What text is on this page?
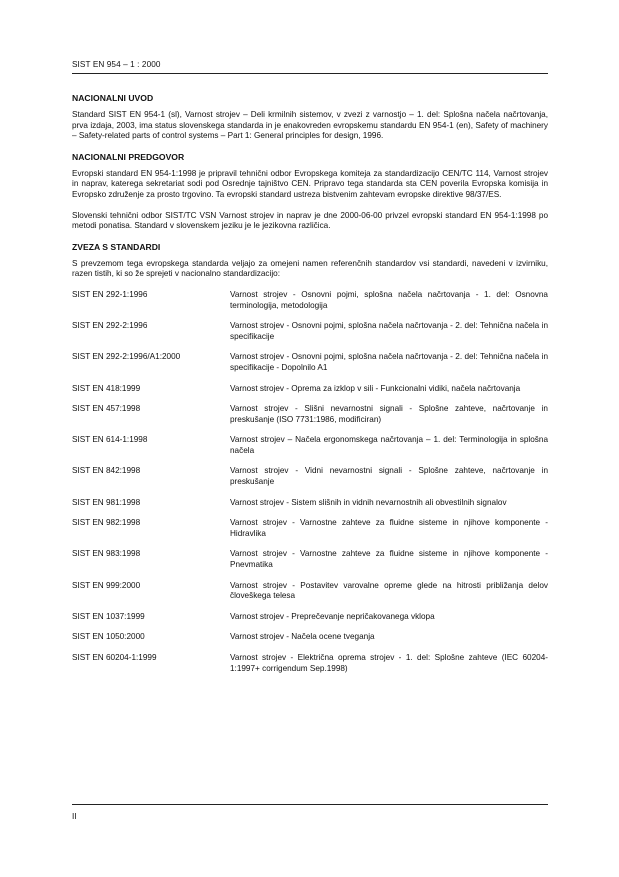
SIST EN 954 – 1 : 2000
NACIONALNI UVOD

Standard SIST EN 954-1 (sl), Varnost strojev – Deli krmilnih sistemov, v zvezi z varnostjo – 1. del: Splošna načela načrtovanja, prva izdaja, 2003, ima status slovenskega standarda in je enakovreden evropskemu standardu EN 954-1 (en), Safety of machinery – Safety-related parts of control systems – Part 1: General principles for design, 1996.

NACIONALNI PREDGOVOR

Evropski standard EN 954-1:1998 je pripravil tehnični odbor Evropskega komiteja za standardizacijo CEN/TC 114, Varnost strojev in naprav, katerega sekretariat sodi pod Osrednje tajništvo CEN. Pripravo tega standarda sta CEN poverila Evropska komisija in Evropsko združenje za prosto trgovino. Ta evropski standard ustreza bistvenim zahtevam evropske direktive 98/37/ES.

Slovenski tehnični odbor SIST/TC VSN Varnost strojev in naprav je dne 2000-06-00 privzel evropski standard EN 954-1:1998 po metodi ponatisa. Standard v slovenskem jeziku je le jezikovna različica.

ZVEZA S STANDARDI

S prevzemom tega evropskega standarda veljajo za omejeni namen referenčnih standardov vsi standardi, navedeni v izvirniku, razen tistih, ki so že sprejeti v nacionalno standardizacijo:

SIST EN 292-1:1996	Varnost strojev - Osnovni pojmi, splošna načela načrtovanja - 1. del: Osnovna terminologija, metodologija
SIST EN 292-2:1996	Varnost strojev - Osnovni pojmi, splošna načela načrtovanja - 2. del: Tehnična načela in specifikacije
SIST EN 292-2:1996/A1:2000	Varnost strojev - Osnovni pojmi, splošna načela načrtovanja - 2. del: Tehnična načela in specifikacije - Dopolnilo A1
SIST EN 418:1999	Varnost strojev - Oprema za izklop v sili - Funkcionalni vidiki, načela načrtovanja
SIST EN 457:1998	Varnost strojev - Slišni nevarnostni signali - Splošne zahteve, načrtovanje in preskušanje (ISO 7731:1986, modificiran)
SIST EN 614-1:1998	Varnost strojev – Načela ergonomskega načrtovanja – 1. del: Terminologija in splošna načela
SIST EN 842:1998	Varnost strojev - Vidni nevarnostni signali - Splošne zahteve, načrtovanje in preskušanje
SIST EN 981:1998	Varnost strojev - Sistem slišnih in vidnih nevarnostnih ali obvestilnih signalov
SIST EN 982:1998	Varnost strojev - Varnostne zahteve za fluidne sisteme in njihove komponente - Hidravlika
SIST EN 983:1998	Varnost strojev - Varnostne zahteve za fluidne sisteme in njihove komponente - Pnevmatika
SIST EN 999:2000	Varnost strojev - Postavitev varovalne opreme glede na hitrosti približanja delov človeškega telesa
SIST EN 1037:1999	Varnost strojev - Preprečevanje nepričakovanega vklopa
SIST EN 1050:2000	Varnost strojev - Načela ocene tveganja
SIST EN 60204-1:1999	Varnost strojev - Električna oprema strojev - 1. del: Splošne zahteve (IEC 60204-1:1997+ corrigendum Sep.1998)
II
